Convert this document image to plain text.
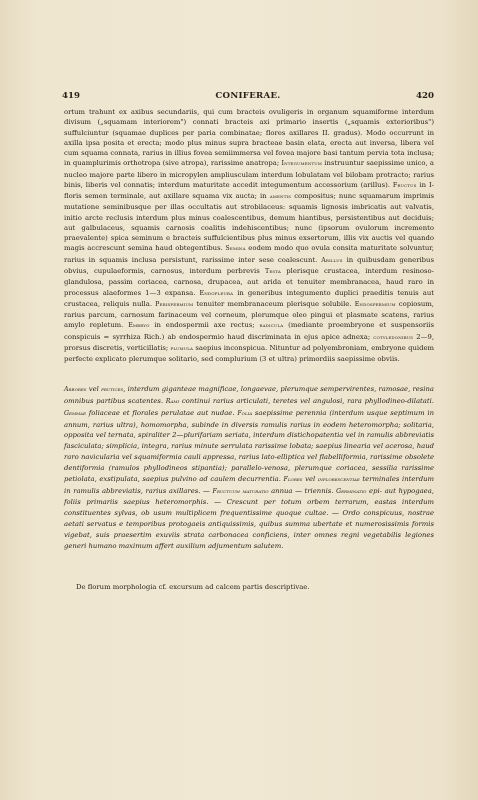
419	CONIFERAE.	420

ortum trahunt ex axibus secundariis, qui cum bracteis ovuligeris in organum squamiforme interdum divisum („squamam interiorem") connati bracteis axi primario insertis („squamis exterioribus") suffulciuntur (squamae duplices per paria combinatae; flores axillares II. gradus). Modo occurrunt in axilla ipsa posita et erecta; modo plus minus supra bracteae basin elata, erecta aut inversa, libera vel cum squama connata, rarius in illius fovea semiimmersa vel fovea majore basi tantum pervia tota inclusa; in quamplurimis orthotropa (sive atropa), rarissime anatropa; Integumentum instruuntur saepissime unico, a nucleo majore parte libero in micropylen ampliusculam interdum lobulatam vel bilobam protracto; rarius binis, liberis vel connatis; interdum maturitate accedit integumentum accessorium (arillus). Fructus in I-floris semen terminale, aut axillare squama vix aucta; in amentis compositus; nunc squamarum imprimis mutatione seminibusque per illas occultatis aut strobilaceus: squamis lignosis imbricatis aut valvatis, initio arcte reclusis interdum plus minus coalescentibus, demum hiantibus, persistentibus aut deciduis; aut galbulaceus, squamis carnosis coalitis indehiscentibus; nunc (ipsorum ovulorum incremento praevalente) spica seminum e bracteis suffulcientibus plus minus exsertorum, illis vix auctis vel quando magis accrescunt semina haud obtegentibus. Semina eodem modo quo ovula consita maturitate solvuntur, rarius in squamis inclusa persistunt, rarissime inter sese coalescunt. Arillus in quibusdam generibus obvius, cupulaeformis, carnosus, interdum perbrevis Testa plerisque crustacea, interdum resinoso-glandulosa, passim coriacea, carnosa, drupacea, aut arida et tenuiter membranacea, haud raro in processus alaeformes 1—3 expansa. Endopleura in generibus integumento duplici praeditis tenuis aut crustacea, reliquis nulla. Perispermium tenuiter membranaceum plerisque solubile. Endospermium copiosum, rarius parcum, carnosum farinaceum vel corneum, plerumque oleo pingui et plasmate scatens, rarius amylo repletum. Embryo in endospermii axe rectus; radicula (mediante proembryone et suspensoriis conspicuis = syrrhiza Rich.) ab endospermio haud discriminata in ejus apice adnexa; cotyledonibus 2—9, prorsus discretis, verticillatis; plumula saepius inconspicua. Nituntur ad polyembroniam, embryone quidem perfecte explicato plerumque solitario, sed complurium (3 et ultra) primordiis saepissime obviis.

Arbores vel frutices, interdum giganteae magnificae, longaevae, plerumque sempervirentes, ramosae, resina omnibus partibus scatentes. Rami continui rarius articulati, teretes vel angulosi, rara phyllodineo-dilatati. Gemmae foliaceae et florales perulatae aut nudae. Folia saepissime perennia (interdum usque septimum in annum, rarius ultra), homomorpha, subinde in diversis ramulis rarius in eodem heteromorpha; solitaria, opposita vel ternata, spiraliter 2—plurifariam seriata, interdum distichopatentia vel in ramulis abbreviatis fasciculata; simplicia, integra, rarius minute serrulata rarissime lobata; saepius linearia vel acerosa, haud raro navicularia vel squamiformia cauli appressa, rarius lato-elliptica vel flabelliformia, rarissime obsolete dentiformia (ramulos phyllodineos stipantia); parallelo-venosa, plerumque coriacea, sessilia rarissime petiolata, exstipulata, saepius pulvino ad caulem decurrentia. Flores vel inflorescentiae terminales interdum in ramulis abbreviatis, rarius axillares. — Fructuum maturatio annua — triennis. Germinatio epi- aut hypogaea, foliis primariis saepius heteromorphis. — Crescunt per totum orbem terrarum, eastas interdum constituentes sylvas, ob usum multiplicem frequentissime quoque cultae. — Ordo conspicuus, nostrae aetati servatus e temporibus protogaeis antiquissimis, quibus summa ubertate et numerosissimis formis vigebat, suis praesertim exuviis strata carbonacea conficiens, inter omnes regni vegetabilis legiones generi humano maximum affert auxilium adjumentum salutem.

De florum morphologia cf. excursum ad calcem partis descriptivae.
